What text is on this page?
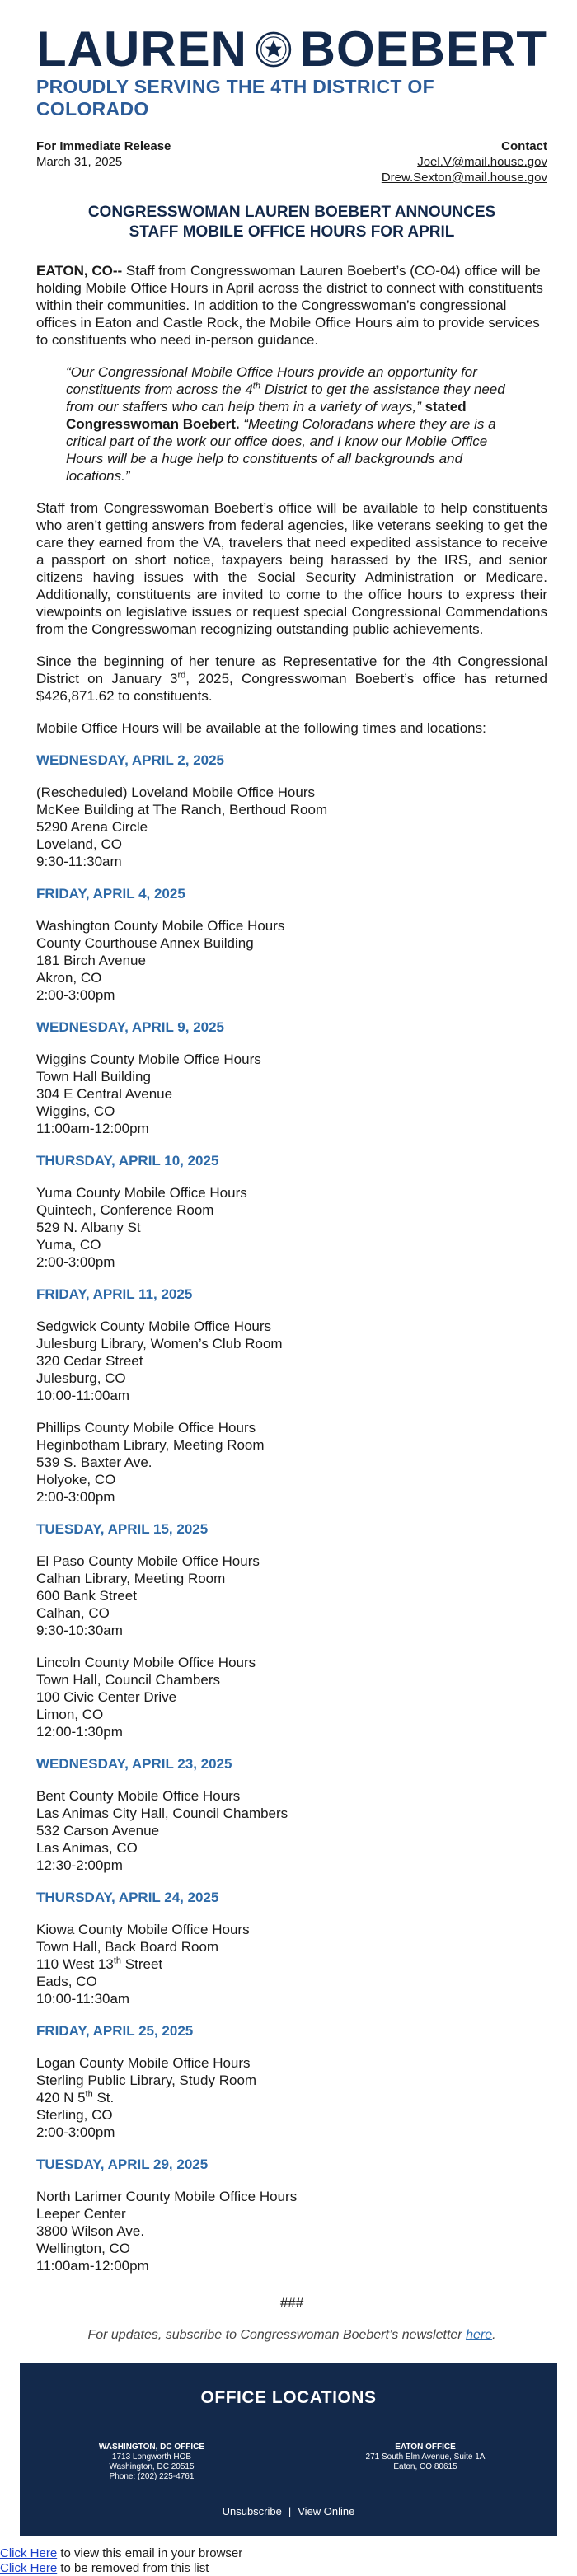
LAUREN BOEBERT
PROUDLY SERVING THE 4TH DISTRICT OF COLORADO
For Immediate Release
March 31, 2025
Contact
Joel.V@mail.house.gov
Drew.Sexton@mail.house.gov
CONGRESSWOMAN LAUREN BOEBERT ANNOUNCES
STAFF MOBILE OFFICE HOURS FOR APRIL

EATON, CO-- Staff from Congresswoman Lauren Boebert’s (CO-04) office will be holding Mobile Office Hours in April across the district to connect with constituents within their communities. In addition to the Congresswoman’s congressional offices in Eaton and Castle Rock, the Mobile Office Hours aim to provide services to constituents who need in-person guidance.

“Our Congressional Mobile Office Hours provide an opportunity for constituents from across the 4th District to get the assistance they need from our staffers who can help them in a variety of ways,” stated Congresswoman Boebert. “Meeting Coloradans where they are is a critical part of the work our office does, and I know our Mobile Office Hours will be a huge help to constituents of all backgrounds and locations.”

Staff from Congresswoman Boebert’s office will be available to help constituents who aren’t getting answers from federal agencies, like veterans seeking to get the care they earned from the VA, travelers that need expedited assistance to receive a passport on short notice, taxpayers being harassed by the IRS, and senior citizens having issues with the Social Security Administration or Medicare. Additionally, constituents are invited to come to the office hours to express their viewpoints on legislative issues or request special Congressional Commendations from the Congresswoman recognizing outstanding public achievements.

Since the beginning of her tenure as Representative for the 4th Congressional District on January 3rd, 2025, Congresswoman Boebert’s office has returned $426,871.62 to constituents.

Mobile Office Hours will be available at the following times and locations:

WEDNESDAY, APRIL 2, 2025
(Rescheduled) Loveland Mobile Office Hours
McKee Building at The Ranch, Berthoud Room
5290 Arena Circle
Loveland, CO
9:30-11:30am
FRIDAY, APRIL 4, 2025
Washington County Mobile Office Hours
County Courthouse Annex Building
181 Birch Avenue
Akron, CO
2:00-3:00pm
WEDNESDAY, APRIL 9, 2025
Wiggins County Mobile Office Hours
Town Hall Building
304 E Central Avenue
Wiggins, CO
11:00am-12:00pm
THURSDAY, APRIL 10, 2025
Yuma County Mobile Office Hours
Quintech, Conference Room
529 N. Albany St
Yuma, CO
2:00-3:00pm
FRIDAY, APRIL 11, 2025
Sedgwick County Mobile Office Hours
Julesburg Library, Women’s Club Room
320 Cedar Street
Julesburg, CO
10:00-11:00am
Phillips County Mobile Office Hours
Heginbotham Library, Meeting Room
539 S. Baxter Ave.
Holyoke, CO
2:00-3:00pm
TUESDAY, APRIL 15, 2025
El Paso County Mobile Office Hours
Calhan Library, Meeting Room
600 Bank Street
Calhan, CO
9:30-10:30am
Lincoln County Mobile Office Hours
Town Hall, Council Chambers
100 Civic Center Drive
Limon, CO
12:00-1:30pm
WEDNESDAY, APRIL 23, 2025
Bent County Mobile Office Hours
Las Animas City Hall, Council Chambers
532 Carson Avenue
Las Animas, CO
12:30-2:00pm
THURSDAY, APRIL 24, 2025
Kiowa County Mobile Office Hours
Town Hall, Back Board Room
110 West 13th Street
Eads, CO
10:00-11:30am
FRIDAY, APRIL 25, 2025
Logan County Mobile Office Hours
Sterling Public Library, Study Room
420 N 5th St.
Sterling, CO
2:00-3:00pm
TUESDAY, APRIL 29, 2025
North Larimer County Mobile Office Hours
Leeper Center
3800 Wilson Ave.
Wellington, CO
11:00am-12:00pm
###
For updates, subscribe to Congresswoman Boebert’s newsletter here.
OFFICE LOCATIONS
WASHINGTON, DC OFFICE
1713 Longworth HOB
Washington, DC 20515
Phone: (202) 225-4761
EATON OFFICE
271 South Elm Avenue, Suite 1A
Eaton, CO 80615
Unsubscribe | View Online
Click Here to view this email in your browser
Click Here to be removed from this list
